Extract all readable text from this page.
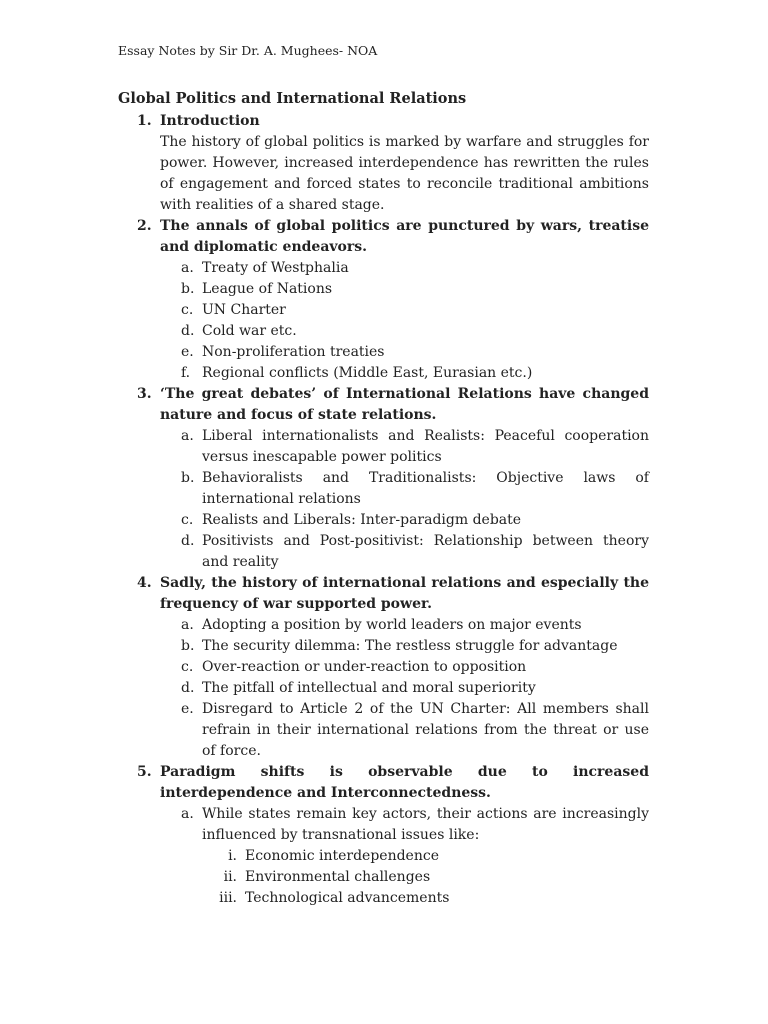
Essay Notes by Sir Dr. A. Mughees- NOA
Global Politics and International Relations
1. Introduction
The history of global politics is marked by warfare and struggles for power. However, increased interdependence has rewritten the rules of engagement and forced states to reconcile traditional ambitions with realities of a shared stage.
2. The annals of global politics are punctured by wars, treatise and diplomatic endeavors.
a. Treaty of Westphalia
b. League of Nations
c. UN Charter
d. Cold war etc.
e. Non-proliferation treaties
f. Regional conflicts (Middle East, Eurasian etc.)
3. ‘The great debates’ of International Relations have changed nature and focus of state relations.
a. Liberal internationalists and Realists: Peaceful cooperation versus inescapable power politics
b. Behavioralists and Traditionalists: Objective laws of international relations
c. Realists and Liberals: Inter-paradigm debate
d. Positivists and Post-positivist: Relationship between theory and reality
4. Sadly, the history of international relations and especially the frequency of war supported power.
a. Adopting a position by world leaders on major events
b. The security dilemma: The restless struggle for advantage
c. Over-reaction or under-reaction to opposition
d. The pitfall of intellectual and moral superiority
e. Disregard to Article 2 of the UN Charter: All members shall refrain in their international relations from the threat or use of force.
5. Paradigm shifts is observable due to increased interdependence and Interconnectedness.
a. While states remain key actors, their actions are increasingly influenced by transnational issues like:
i. Economic interdependence
ii. Environmental challenges
iii. Technological advancements
